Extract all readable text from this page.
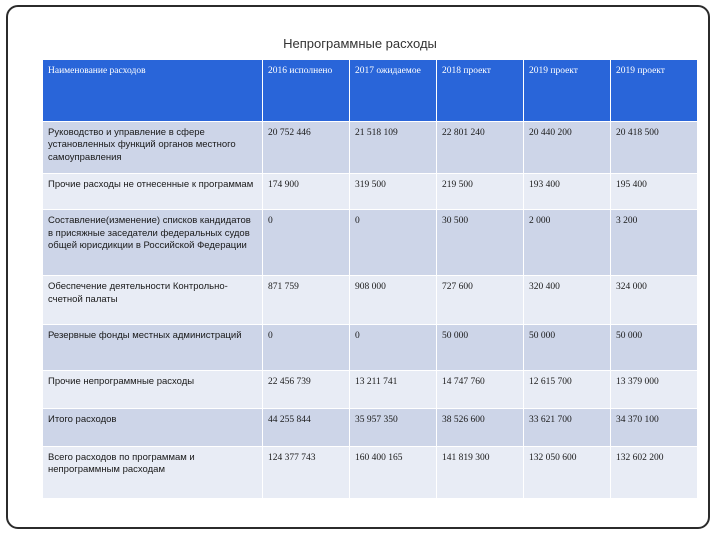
Непрограммные расходы
Наименование расходов	2016 исполнено	2017 ожидаемое	2018 проект	2019 проект	2019 проект
Руководство и управление в сфере установленных функций органов местного самоуправления	20 752 446	21 518 109	22 801 240	20 440 200	20 418 500
Прочие расходы не отнесенные к программам	174 900	319 500	219 500	193 400	195 400
Составление(изменение) списков кандидатов в присяжные заседатели федеральных судов общей юрисдикции в Российской Федерации	0	0	30 500	2 000	3 200
Обеспечение деятельности Контрольно-счетной палаты	871 759	908 000	727 600	320 400	324 000
Резервные фонды местных администраций	0	0	50 000	50 000	50 000
Прочие непрограммные расходы	22 456 739	13 211 741	14 747 760	12 615 700	13 379 000
Итого расходов	44 255 844	35 957 350	38 526 600	33 621 700	34 370 100
Всего расходов по программам и непрограммным расходам	124 377 743	160 400 165	141 819 300	132 050 600	132 602 200
